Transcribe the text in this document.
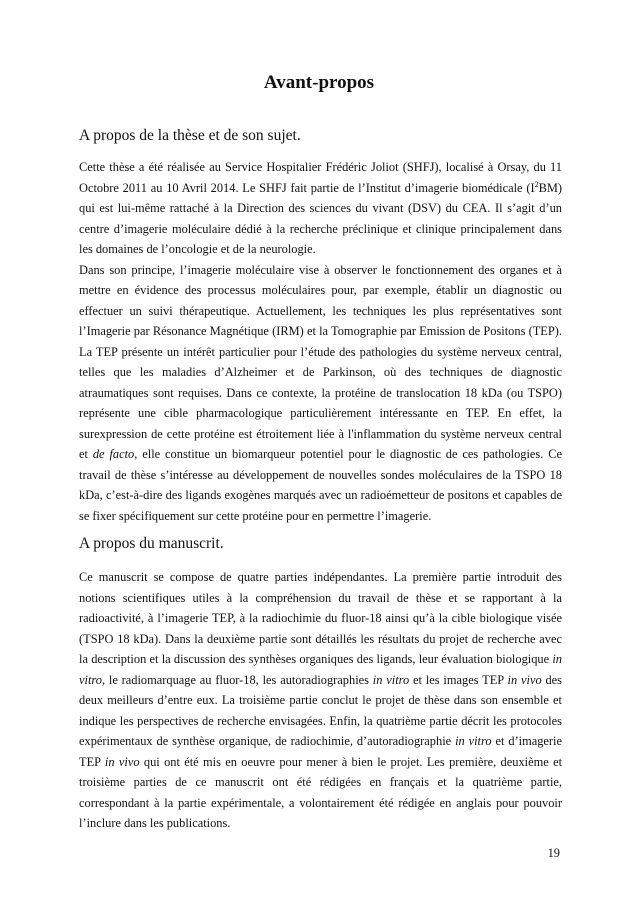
Avant-propos
A propos de la thèse et de son sujet.

Cette thèse a été réalisée au Service Hospitalier Frédéric Joliot (SHFJ), localisé à Orsay, du 11 Octobre 2011 au 10 Avril 2014. Le SHFJ fait partie de l’Institut d’imagerie biomédicale $(I^2BM)$ qui est lui-même rattaché à la Direction des sciences du vivant (DSV) du CEA. Il s’agit d’un centre d’imagerie moléculaire dédié à la recherche préclinique et clinique principalement dans les domaines de l’oncologie et de la neurologie.

Dans son principe, l’imagerie moléculaire vise à observer le fonctionnement des organes et à mettre en évidence des processus moléculaires pour, par exemple, établir un diagnostic ou effectuer un suivi thérapeutique. Actuellement, les techniques les plus représentatives sont l’Imagerie par Résonance Magnétique (IRM) et la Tomographie par Emission de Positons (TEP). La TEP présente un intérêt particulier pour l’étude des pathologies du système nerveux central, telles que les maladies d’Alzheimer et de Parkinson, où des techniques de diagnostic atraumatiques sont requises. Dans ce contexte, la protéine de translocation 18 kDa (ou TSPO) représente une cible pharmacologique particulièrement intéressante en TEP. En effet, la surexpression de cette protéine est étroitement liée à l'inflammation du système nerveux central et de facto, elle constitue un biomarqueur potentiel pour le diagnostic de ces pathologies. Ce travail de thèse s’intéresse au développement de nouvelles sondes moléculaires de la TSPO 18 kDa, c’est-à-dire des ligands exogènes marqués avec un radioémetteur de positons et capables de se fixer spécifiquement sur cette protéine pour en permettre l’imagerie.

A propos du manuscrit.

Ce manuscrit se compose de quatre parties indépendantes. La première partie introduit des notions scientifiques utiles à la compréhension du travail de thèse et se rapportant à la radioactivité, à l’imagerie TEP, à la radiochimie du fluor-18 ainsi qu’à la cible biologique visée (TSPO 18 kDa). Dans la deuxième partie sont détaillés les résultats du projet de recherche avec la description et la discussion des synthèses organiques des ligands, leur évaluation biologique in vitro, le radiomarquage au fluor-18, les autoradiographies in vitro et les images TEP in vivo des deux meilleurs d’entre eux. La troisième partie conclut le projet de thèse dans son ensemble et indique les perspectives de recherche envisagées. Enfin, la quatrième partie décrit les protocoles expérimentaux de synthèse organique, de radiochimie, d’autoradiographie in vitro et d’imagerie TEP in vivo qui ont été mis en oeuvre pour mener à bien le projet. Les première, deuxième et troisième parties de ce manuscrit ont été rédigées en français et la quatrième partie, correspondant à la partie expérimentale, a volontairement été rédigée en anglais pour pouvoir l’inclure dans les publications.

19
